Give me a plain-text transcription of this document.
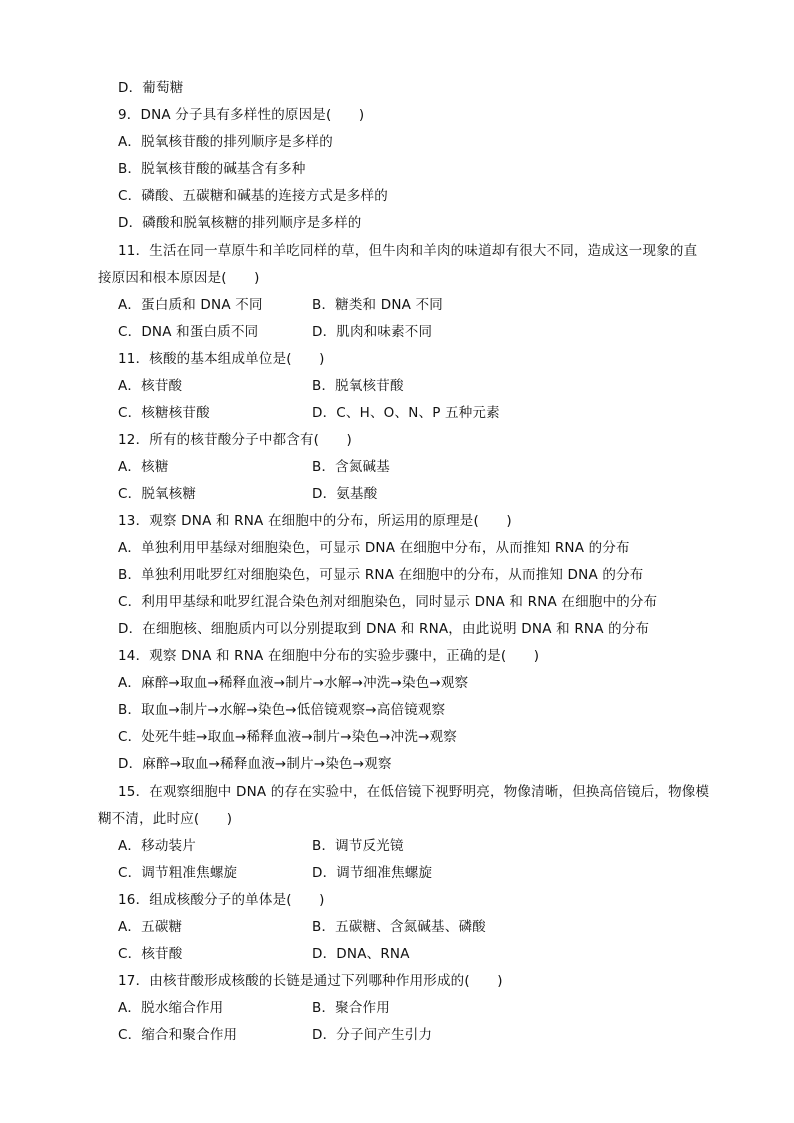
D．葡萄糖
9．DNA 分子具有多样性的原因是(　　)
A．脱氧核苷酸的排列顺序是多样的
B．脱氧核苷酸的碱基含有多种
C．磷酸、五碳糖和碱基的连接方式是多样的
D．磷酸和脱氧核糖的排列顺序是多样的
11．生活在同一草原牛和羊吃同样的草，但牛肉和羊肉的味道却有很大不同，造成这一现象的直
接原因和根本原因是(　　)
A．蛋白质和 DNA 不同	B．糖类和 DNA 不同
C．DNA 和蛋白质不同	D．肌肉和味素不同
11．核酸的基本组成单位是(　　)
A．核苷酸	B．脱氧核苷酸
C．核糖核苷酸	D．C、H、O、N、P 五种元素
12．所有的核苷酸分子中都含有(　　)
A．核糖	B．含氮碱基
C．脱氧核糖	D．氨基酸
13．观察 DNA 和 RNA 在细胞中的分布，所运用的原理是(　　)
A．单独利用甲基绿对细胞染色，可显示 DNA 在细胞中分布，从而推知 RNA 的分布
B．单独利用吡罗红对细胞染色，可显示 RNA 在细胞中的分布，从而推知 DNA 的分布
C．利用甲基绿和吡罗红混合染色剂对细胞染色，同时显示 DNA 和 RNA 在细胞中的分布
D．在细胞核、细胞质内可以分别提取到 DNA 和 RNA，由此说明 DNA 和 RNA 的分布
14．观察 DNA 和 RNA 在细胞中分布的实验步骤中，正确的是(　　)
A．麻醉→取血→稀释血液→制片→水解→冲洗→染色→观察
B．取血→制片→水解→染色→低倍镜观察→高倍镜观察
C．处死牛蛙→取血→稀释血液→制片→染色→冲洗→观察
D．麻醉→取血→稀释血液→制片→染色→观察
15．在观察细胞中 DNA 的存在实验中，在低倍镜下视野明亮，物像清晰，但换高倍镜后，物像模
糊不清，此时应(　　)
A．移动装片	B．调节反光镜
C．调节粗准焦螺旋	D．调节细准焦螺旋
16．组成核酸分子的单体是(　　)
A．五碳糖	B．五碳糖、含氮碱基、磷酸
C．核苷酸	D．DNA、RNA
17．由核苷酸形成核酸的长链是通过下列哪种作用形成的(　　)
A．脱水缩合作用	B．聚合作用
C．缩合和聚合作用	D．分子间产生引力
